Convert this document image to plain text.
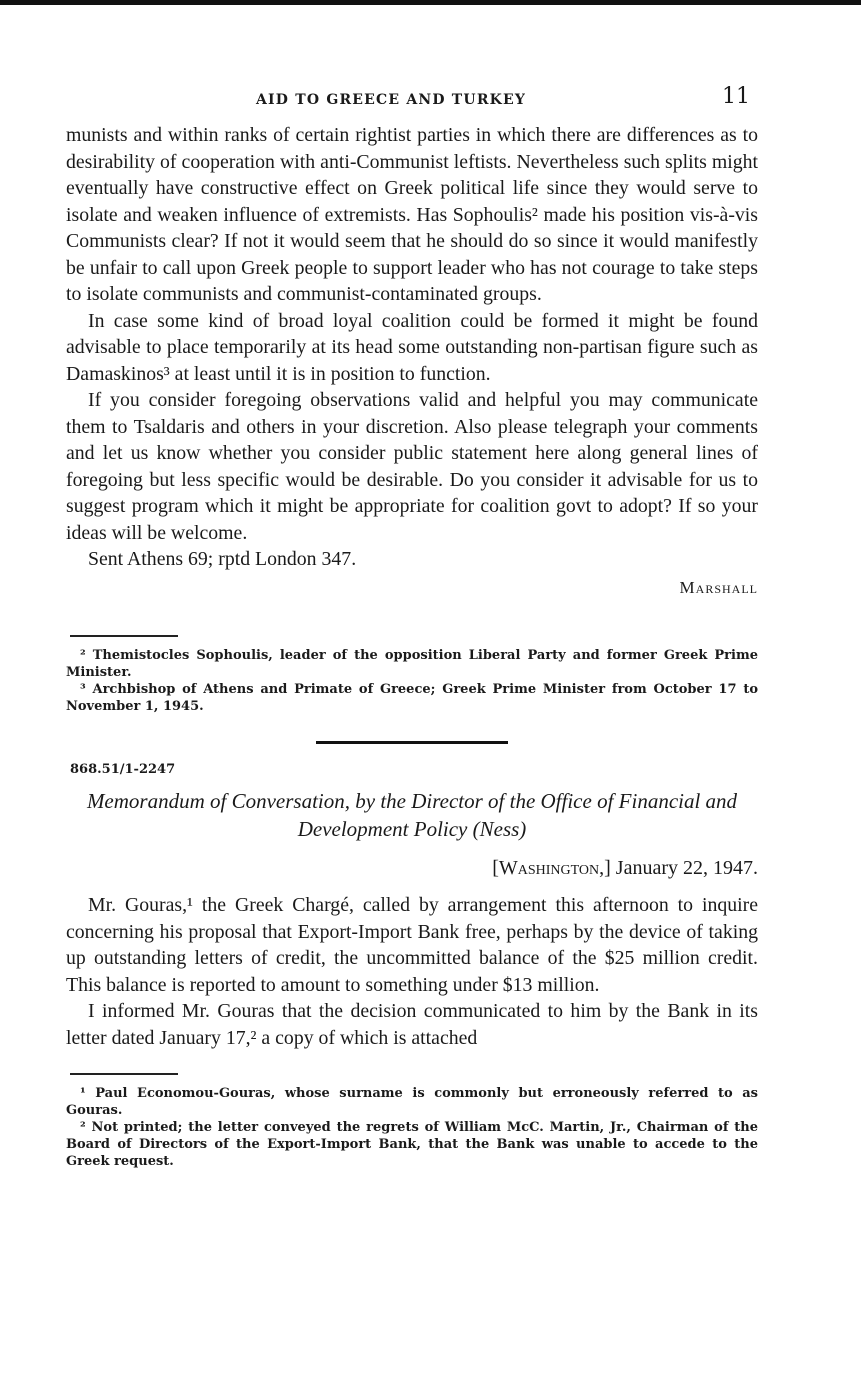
AID TO GREECE AND TURKEY	11

munists and within ranks of certain rightist parties in which there are differences as to desirability of cooperation with anti-Communist leftists. Nevertheless such splits might eventually have constructive effect on Greek political life since they would serve to isolate and weaken influence of extremists. Has Sophoulis² made his position vis-à-vis Communists clear? If not it would seem that he should do so since it would manifestly be unfair to call upon Greek people to support leader who has not courage to take steps to isolate communists and communist-contaminated groups.

In case some kind of broad loyal coalition could be formed it might be found advisable to place temporarily at its head some outstanding non-partisan figure such as Damaskinos³ at least until it is in position to function.

If you consider foregoing observations valid and helpful you may communicate them to Tsaldaris and others in your discretion. Also please telegraph your comments and let us know whether you consider public statement here along general lines of foregoing but less specific would be desirable. Do you consider it advisable for us to suggest program which it might be appropriate for coalition govt to adopt? If so your ideas will be welcome.

Sent Athens 69; rptd London 347.

Marshall

² Themistocles Sophoulis, leader of the opposition Liberal Party and former Greek Prime Minister.

³ Archbishop of Athens and Primate of Greece; Greek Prime Minister from October 17 to November 1, 1945.

868.51/1-2247
Memorandum of Conversation, by the Director of the Office of Financial and Development Policy (Ness)
[Washington,] January 22, 1947.

Mr. Gouras,¹ the Greek Chargé, called by arrangement this afternoon to inquire concerning his proposal that Export-Import Bank free, perhaps by the device of taking up outstanding letters of credit, the uncommitted balance of the $25 million credit. This balance is reported to amount to something under $13 million.

I informed Mr. Gouras that the decision communicated to him by the Bank in its letter dated January 17,² a copy of which is attached

¹ Paul Economou-Gouras, whose surname is commonly but erroneously referred to as Gouras.

² Not printed; the letter conveyed the regrets of William McC. Martin, Jr., Chairman of the Board of Directors of the Export-Import Bank, that the Bank was unable to accede to the Greek request.
